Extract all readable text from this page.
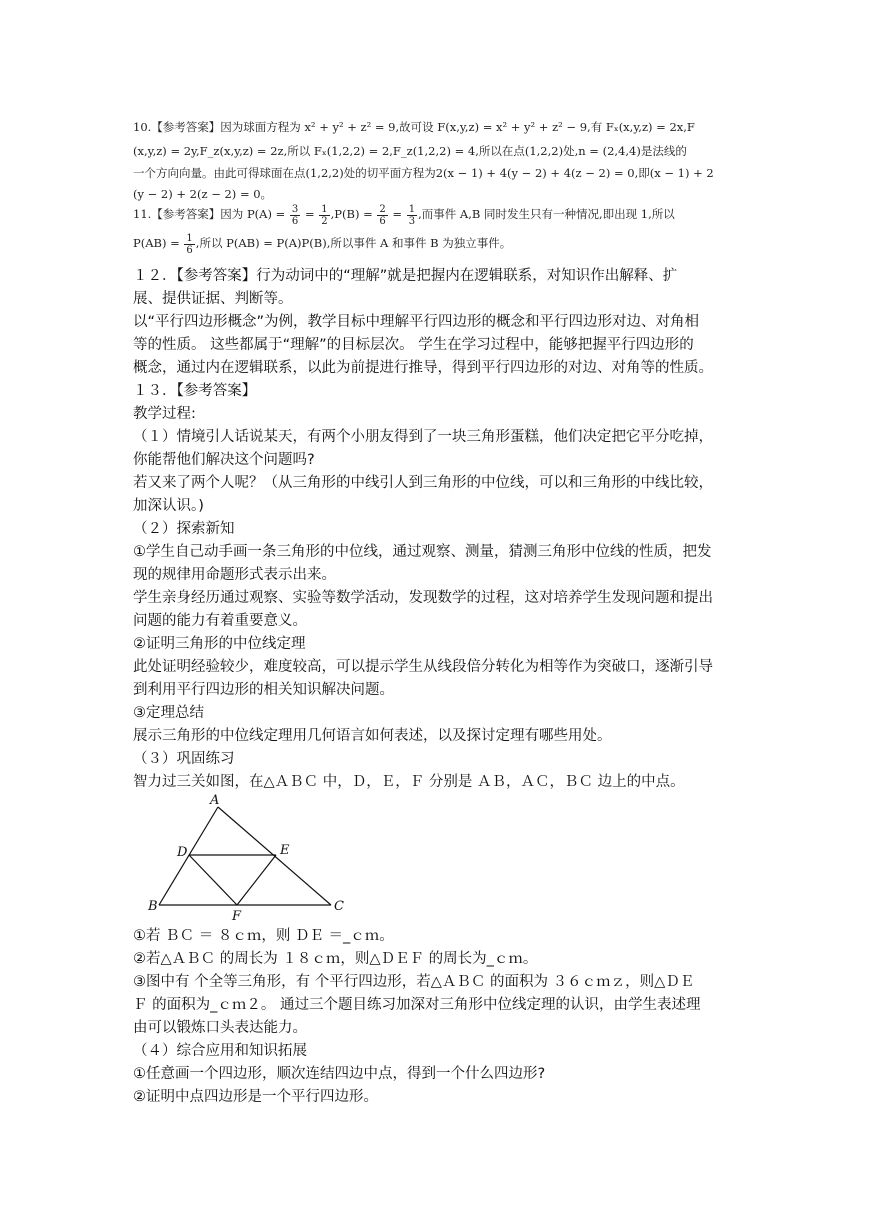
10.【参考答案】因为球面方程为 x² + y² + z² = 9,故可设 F(x,y,z) = x² + y² + z² − 9,有 Fₓ(x,y,z) = 2x,F
(x,y,z) = 2y,F_z(x,y,z) = 2z,所以 Fₓ(1,2,2) = 2,F_z(1,2,2) = 4,所以在点(1,2,2)处,n = (2,4,4)是法线的
一个方向向量。由此可得球面在点(1,2,2)处的切平面方程为2(x − 1) + 4(y − 2) + 4(z − 2) = 0,即(x − 1) + 2
(y − 2) + 2(z − 2) = 0。
11.【参考答案】因为 $P(A) = \frac{3}{6} = \frac{1}{2} ,P(B) = \frac{2}{6} = \frac{1}{3}$ ,而事件 A,B 同时发生只有一种情况,即出现 1,所以
$P(AB) = \frac{1}{6}$ ,所以 P(AB) = P(A)P(B),所以事件 A 和事件 B 为独立事件。
１２．【参考答案】行为动词中的“理解”就是把握内在逻辑联系，对知识作出解释、扩
展、提供证据、判断等。
以“平行四边形概念”为例，教学目标中理解平行四边形的概念和平行四边形对边、对角相
等的性质。 这些都属于“理解”的目标层次。 学生在学习过程中，能够把握平行四边形的
概念，通过内在逻辑联系，以此为前提进行推导，得到平行四边形的对边、对角等的性质。
１３．【参考答案】
教学过程:
（１）情境引人话说某天，有两个小朋友得到了一块三角形蛋糕，他们决定把它平分吃掉，
你能帮他们解决这个问题吗?
若又来了两个人呢？（从三角形的中线引人到三角形的中位线，可以和三角形的中线比较，
加深认识。)
（２）探索新知
①学生自己动手画一条三角形的中位线，通过观察、测量，猜测三角形中位线的性质，把发
现的规律用命题形式表示出来。
学生亲身经历通过观察、实验等数学活动，发现数学的过程，这对培养学生发现问题和提出
问题的能力有着重要意义。
②证明三角形的中位线定理
此处证明经验较少，难度较高，可以提示学生从线段倍分转化为相等作为突破口，逐渐引导
到利用平行四边形的相关知识解决问题。
③定理总结
展示三角形的中位线定理用几何语言如何表述，以及探讨定理有哪些用处。
（３）巩固练习
智力过三关如图，在△ＡＢＣ 中，Ｄ，Ｅ，Ｆ 分别是 ＡＢ，ＡＣ，ＢＣ 边上的中点。
A
D	E
B
F
C
①若 ＢＣ ＝ ８ｃｍ，则 ＤＥ ＝_ｃｍ。
②若△ＡＢＣ 的周长为 １８ｃｍ，则△ＤＥＦ 的周长为_ｃｍ。
③图中有 个全等三角形，有 个平行四边形，若△ＡＢＣ 的面积为 ３６ｃｍｚ，则△ＤＥ
Ｆ 的面积为_ｃｍ２。 通过三个题目练习加深对三角形中位线定理的认识，由学生表述理
由可以锻炼口头表达能力。
（４）综合应用和知识拓展
①任意画一个四边形，顺次连结四边中点，得到一个什么四边形?
②证明中点四边形是一个平行四边形。
